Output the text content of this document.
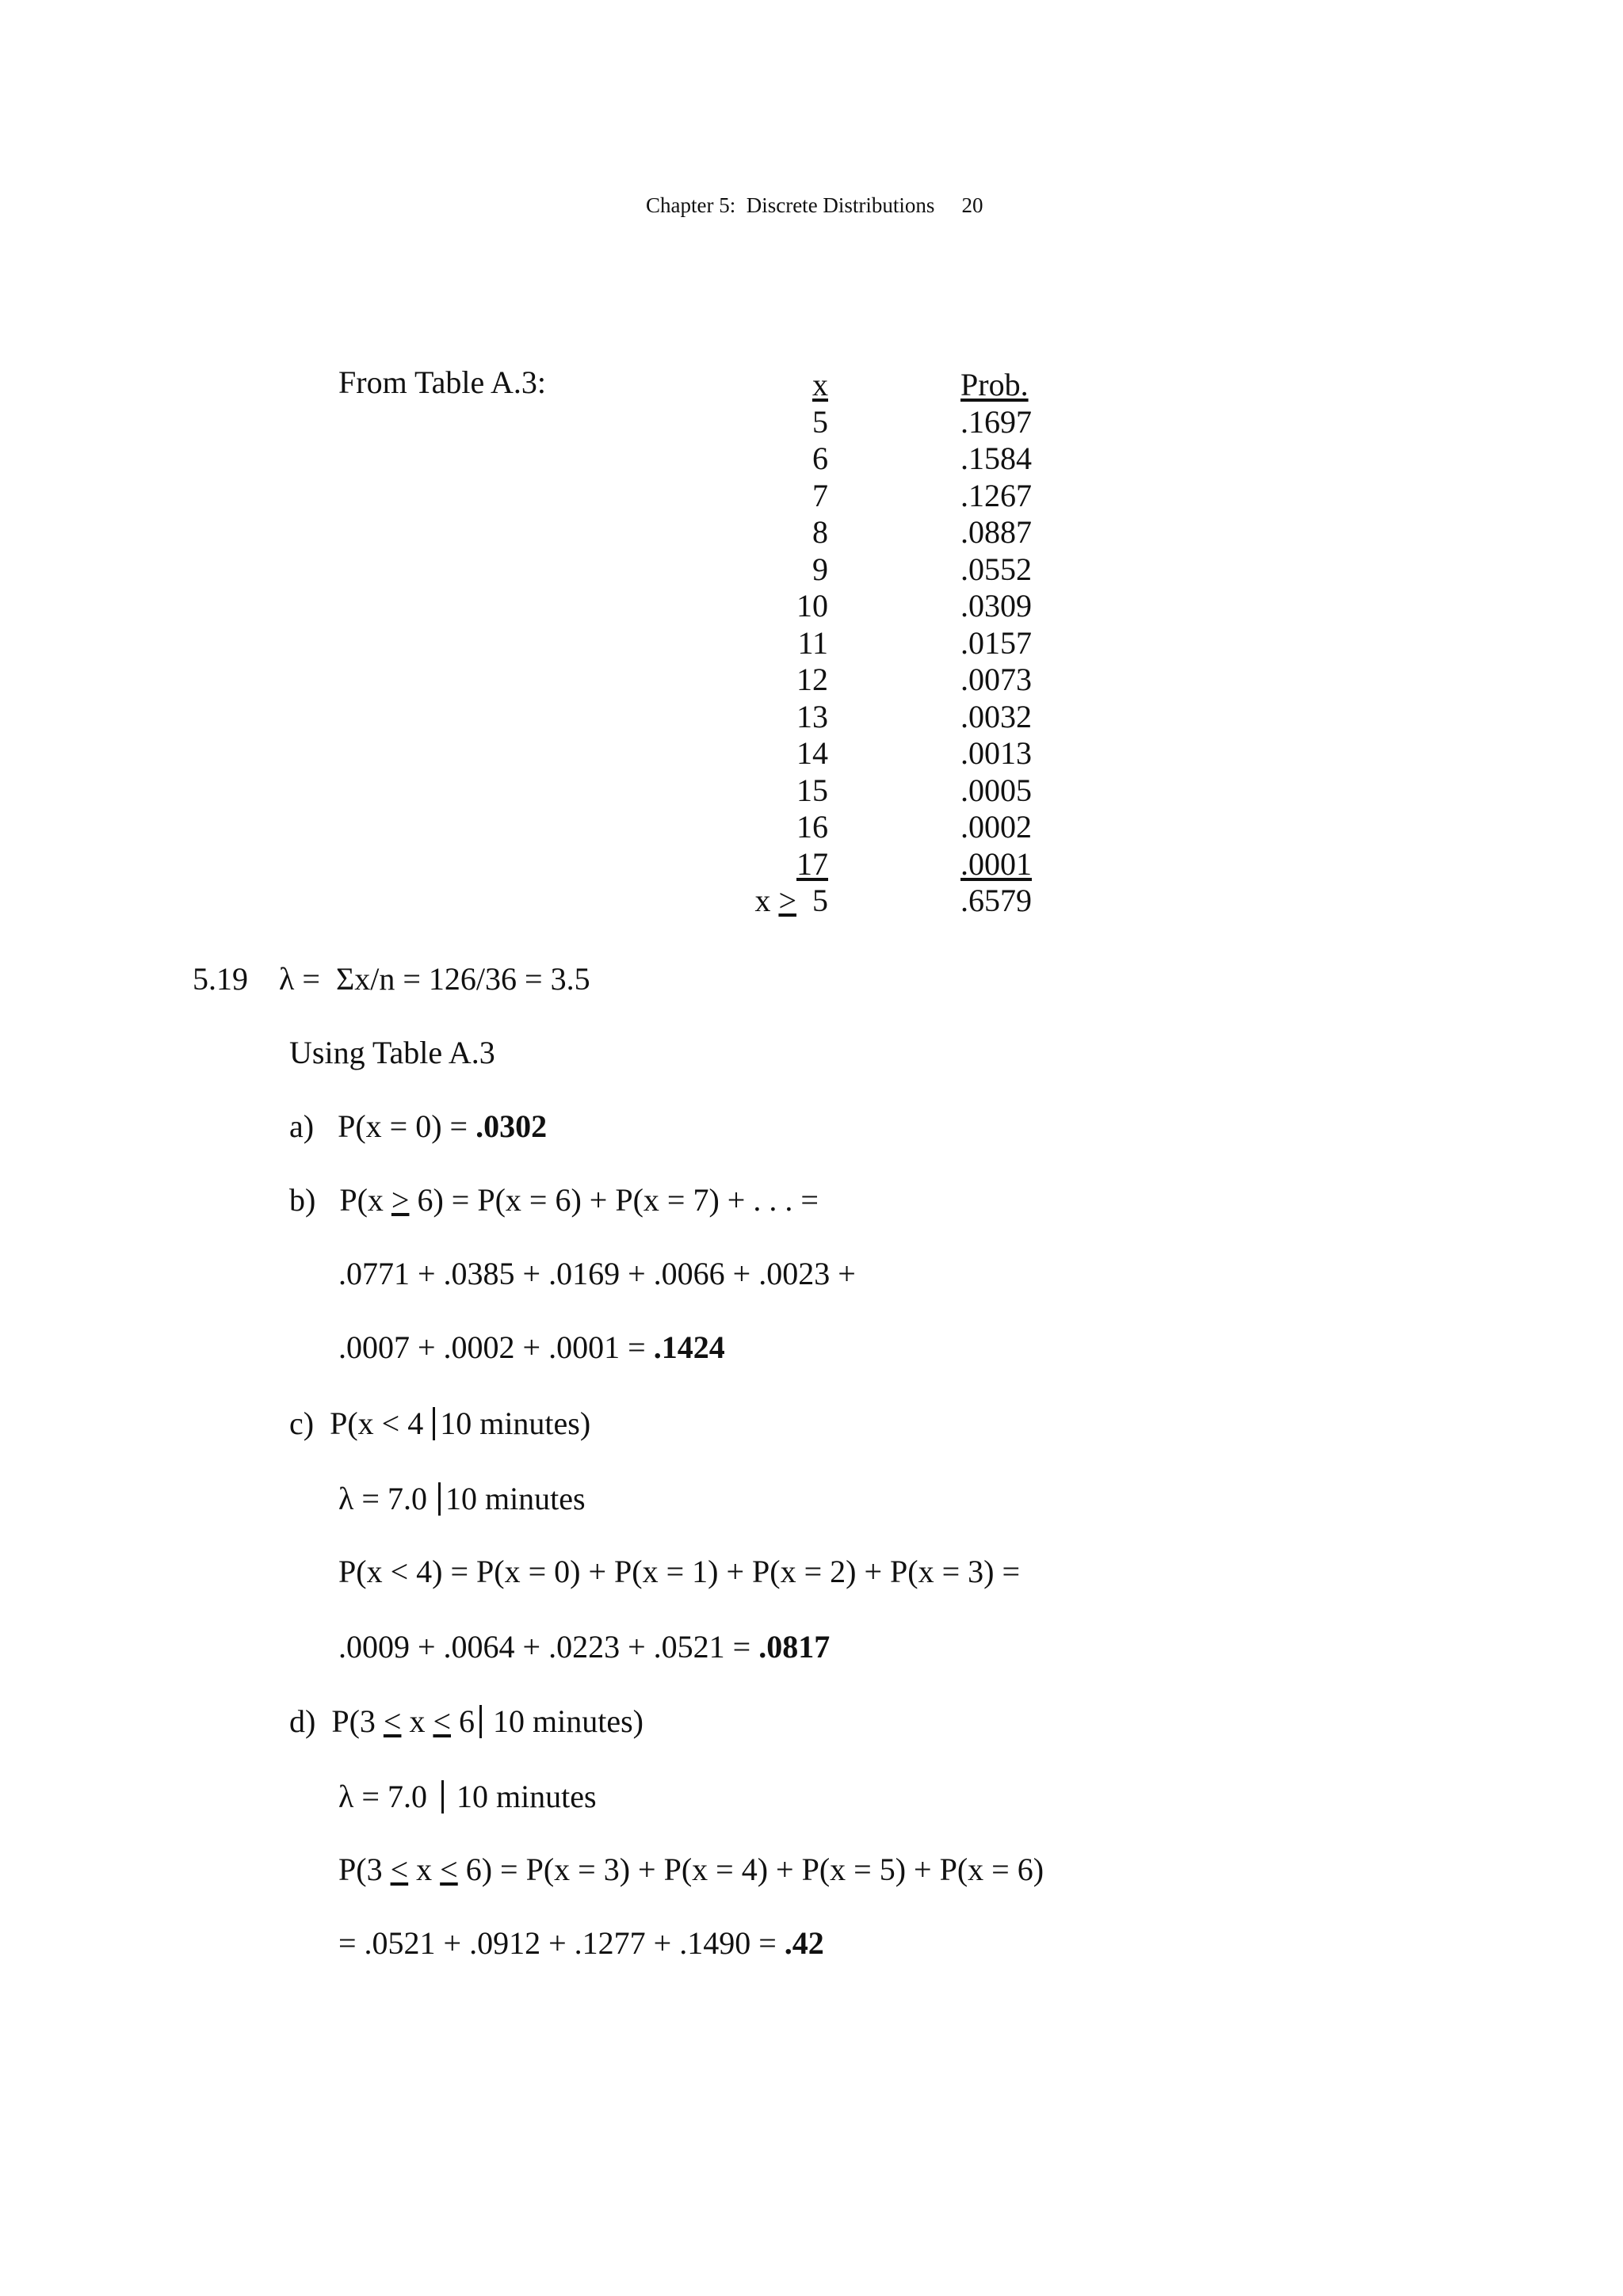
Chapter 5:  Discrete Distributions 20
From Table A.3:	x
5
6
7
8
9
10
11
12
13
14
15
16
17
x >  5
Prob.
.1697
.1584
.1267
.0887
.0552
.0309
.0157
.0073
.0032
.0013
.0005
.0002
.0001
.6579
5.19 λ =  Σx/n = 126/36 = 3.5
Using Table A.3
a)   P(x = 0) = .0302
b)   P(x > 6) = P(x = 6) + P(x = 7) + . . . =
.0771 + .0385 + .0169 + .0066 + .0023 +
.0007 + .0002 + .0001 = .1424
c)  P(x < 4 10 minutes)
λ = 7.0 10 minutes
P(x < 4) = P(x = 0) + P(x = 1) + P(x = 2) + P(x = 3) =
.0009 + .0064 + .0223 + .0521 = .0817
d)  P(3 < x < 6 10 minutes)
λ = 7.0 10 minutes
P(3 < x < 6) = P(x = 3) + P(x = 4) + P(x = 5) + P(x = 6)
= .0521 + .0912 + .1277 + .1490 = .42
